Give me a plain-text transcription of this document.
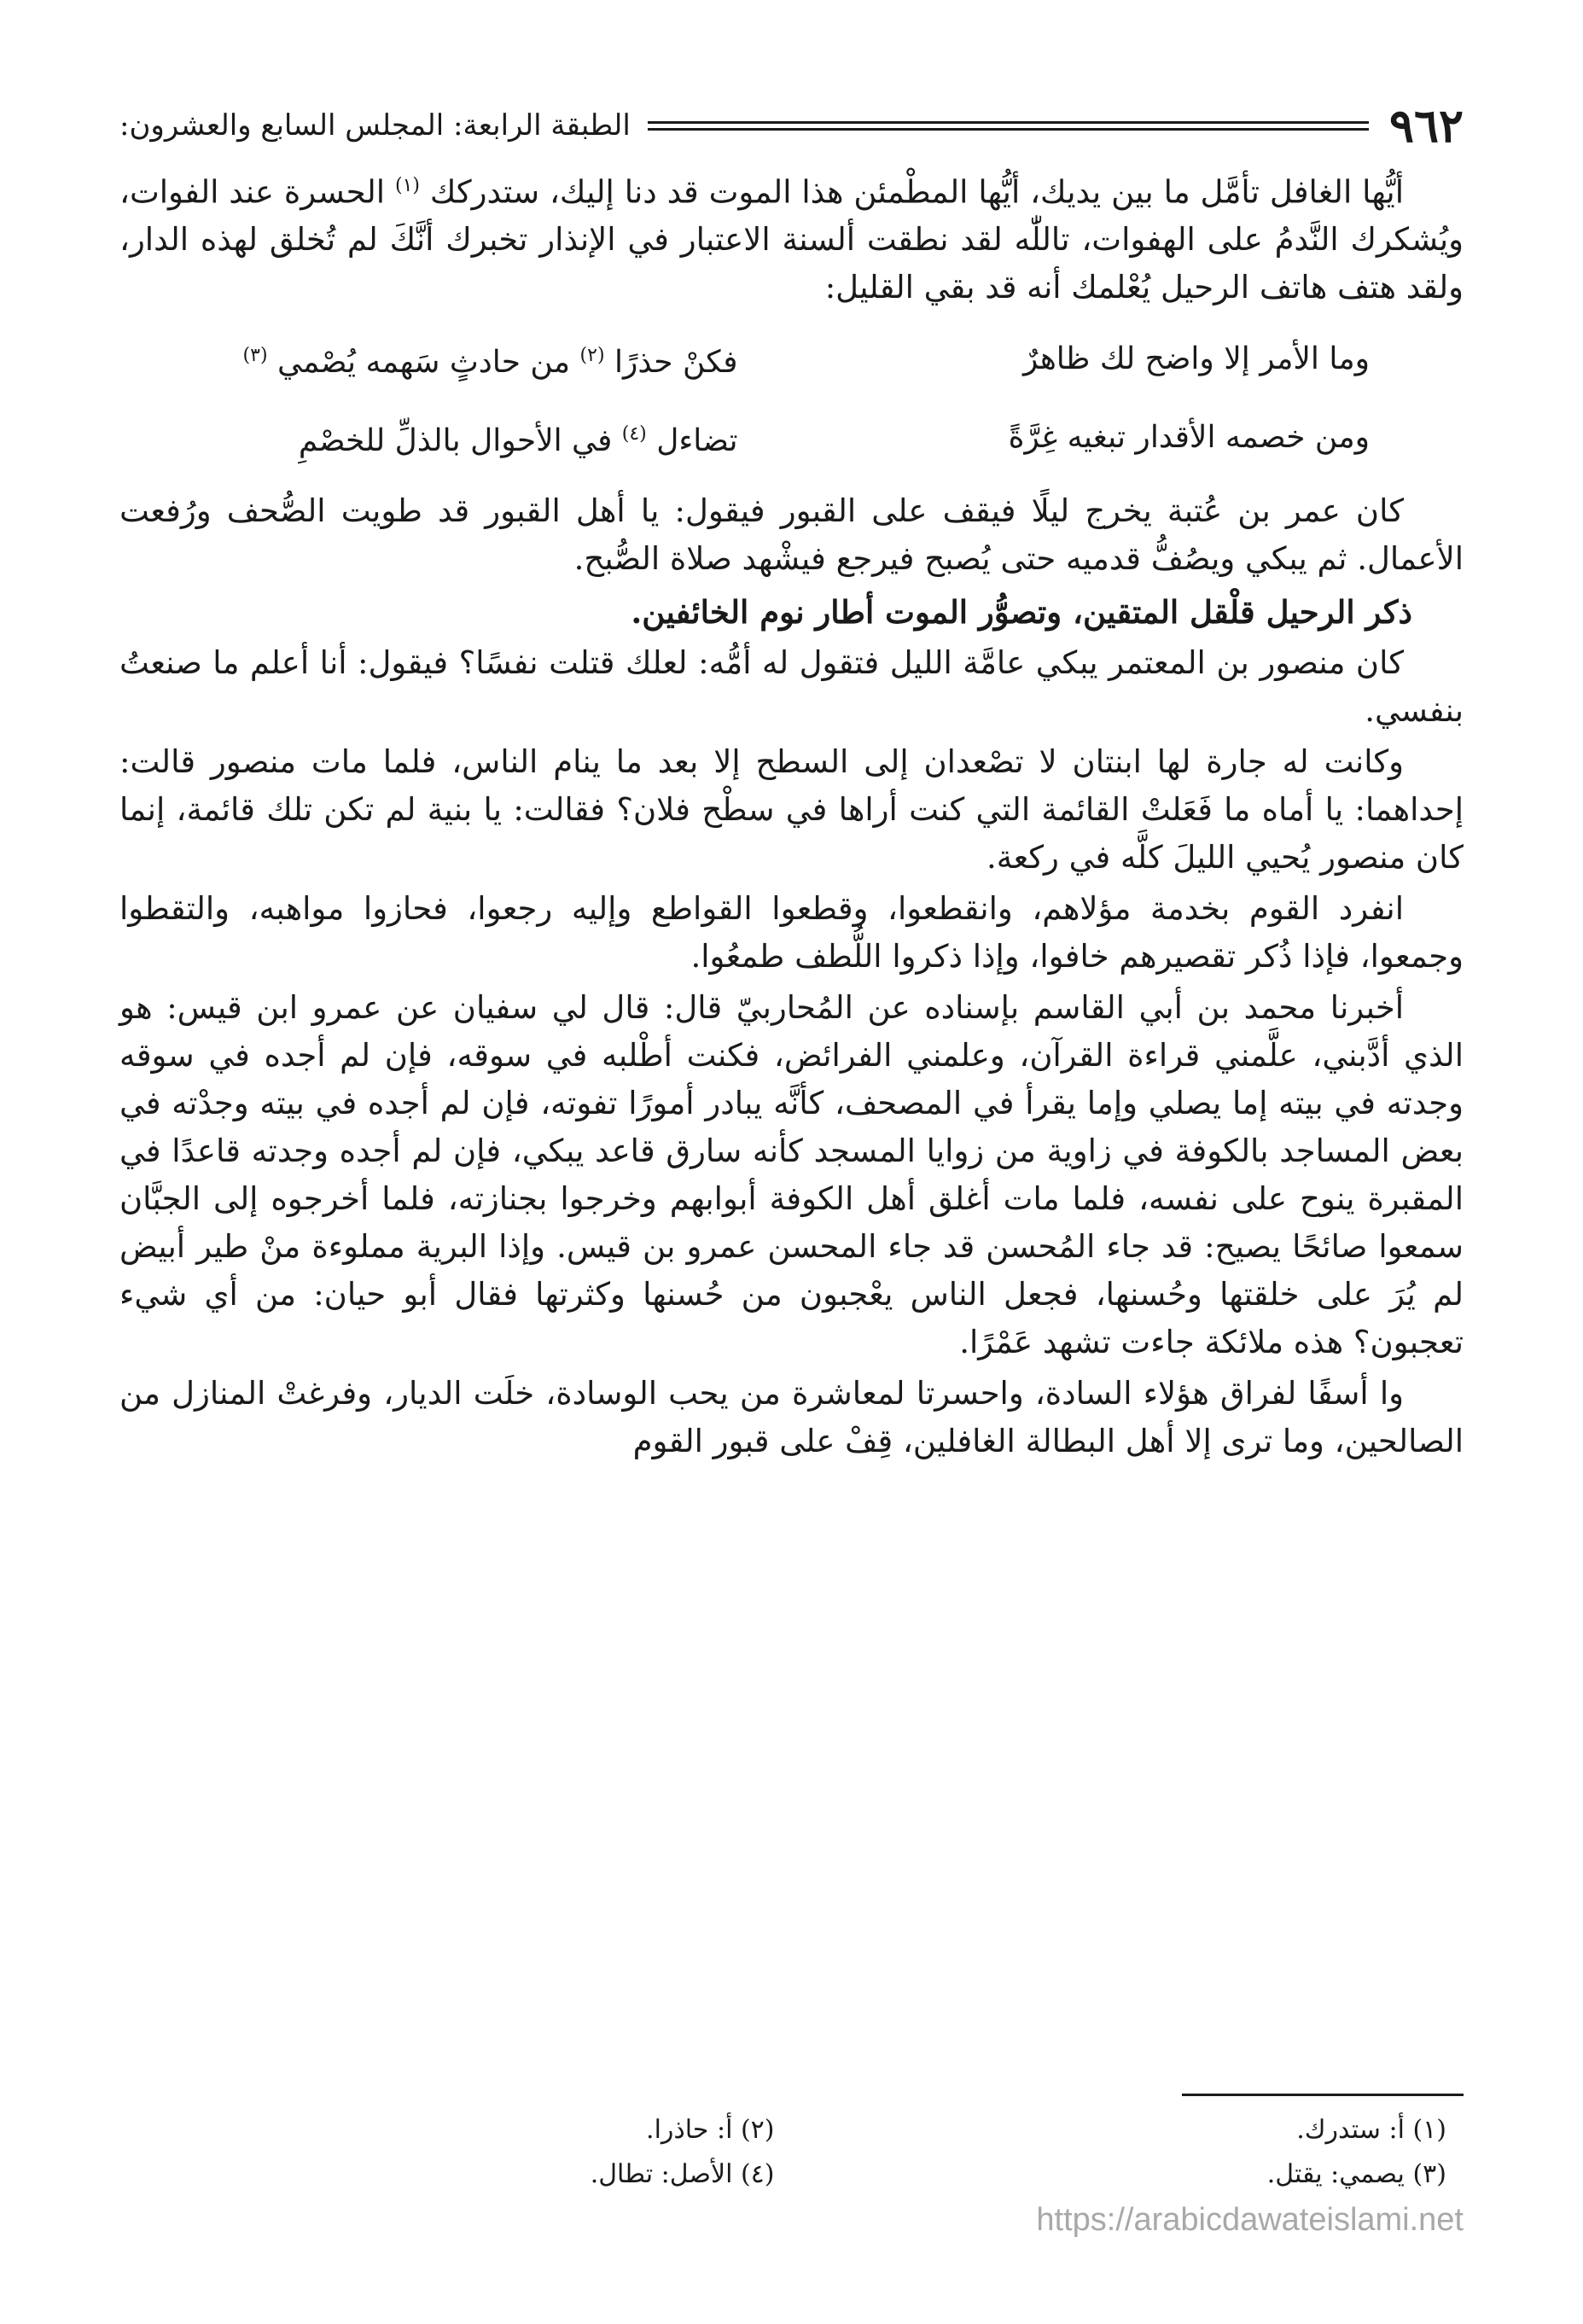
٩٦٢
الطبقة الرابعة: المجلس السابع والعشرون:

أيُّها الغافل تأمَّل ما بين يديك، أيُّها المطْمئن هذا الموت قد دنا إليك، ستدركك $^{(١)}$ الحسرة عند الفوات، ويُشكرك النَّدمُ على الهفوات، تاللّٰه لقد نطقت ألسنة الاعتبار في الإنذار تخبرك أنَّكَ لم تُخلق لهذه الدار، ولقد هتف هاتف الرحيل يُعْلمك أنه قد بقي القليل:

وما الأمر إلا واضح لك ظاهرٌ
فكنْ حذرًا $^{(٢)}$ من حادثٍ سَهمه يُصْمي $^{(٣)}$
ومن خصمه الأقدار تبغيه غِرَّةً
تضاءل $^{(٤)}$ في الأحوال بالذلِّ للخصْمِ

كان عمر بن عُتبة يخرج ليلًا فيقف على القبور فيقول: يا أهل القبور قد طويت الصُّحف ورُفعت الأعمال. ثم يبكي ويصُفُّ قدميه حتى يُصبح فيرجع فيشْهد صلاة الصُّبح.

ذكر الرحيل قلْقل المتقين، وتصوُّر الموت أطار نوم الخائفين.

كان منصور بن المعتمر يبكي عامَّة الليل فتقول له أمُّه: لعلك قتلت نفسًا؟ فيقول: أنا أعلم ما صنعتُ بنفسي.

وكانت له جارة لها ابنتان لا تصْعدان إلى السطح إلا بعد ما ينام الناس، فلما مات منصور قالت: إحداهما: يا أماه ما فَعَلتْ القائمة التي كنت أراها في سطْح فلان؟ فقالت: يا بنية لم تكن تلك قائمة، إنما كان منصور يُحيي الليلَ كلَّه في ركعة.

انفرد القوم بخدمة مؤلاهم، وانقطعوا، وقطعوا القواطع وإليه رجعوا، فحازوا مواهبه، والتقطوا وجمعوا، فإذا ذُكر تقصيرهم خافوا، وإذا ذكروا اللُّطف طمعُوا.

أخبرنا محمد بن أبي القاسم بإسناده عن المُحاربيّ قال: قال لي سفيان عن عمرو ابن قيس: هو الذي أدَّبني، علَّمني قراءة القرآن، وعلمني الفرائض، فكنت أطْلبه في سوقه، فإن لم أجده في سوقه وجدته في بيته إما يصلي وإما يقرأ في المصحف، كأنَّه يبادر أمورًا تفوته، فإن لم أجده في بيته وجدْته في بعض المساجد بالكوفة في زاوية من زوايا المسجد كأنه سارق قاعد يبكي، فإن لم أجده وجدته قاعدًا في المقبرة ينوح على نفسه، فلما مات أغلق أهل الكوفة أبوابهم وخرجوا بجنازته، فلما أخرجوه إلى الجبَّان سمعوا صائحًا يصيح: قد جاء المُحسن قد جاء المحسن عمرو بن قيس. وإذا البرية مملوءة منْ طير أبيض لم يُرَ على خلقتها وحُسنها، فجعل الناس يعْجبون من حُسنها وكثرتها فقال أبو حيان: من أي شيء تعجبون؟ هذه ملائكة جاءت تشهد عَمْرًا.

وا أسفًا لفراق هؤلاء السادة، واحسرتا لمعاشرة من يحب الوسادة، خلَت الديار، وفرغتْ المنازل من الصالحين، وما ترى إلا أهل البطالة الغافلين، قِفْ على قبور القوم

(١) أ: ستدرك.
(٢) أ: حاذرا.
(٣) يصمي: يقتل.
(٤) الأصل: تطال.
https://arabicdawateislami.net
